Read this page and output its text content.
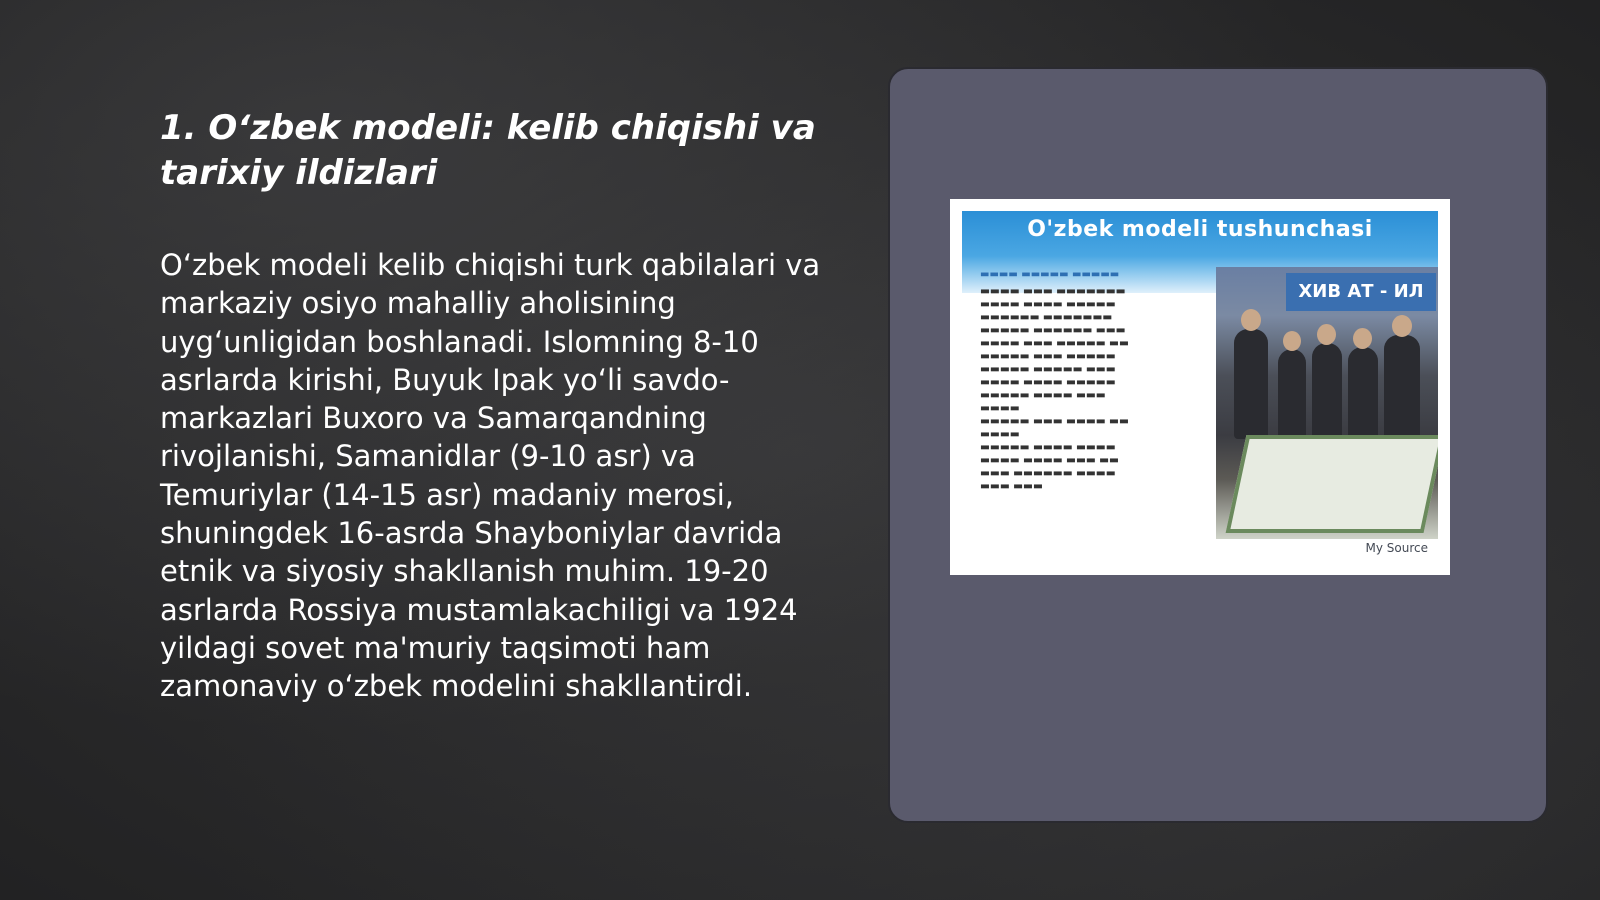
1. O‘zbek modeli: kelib chiqishi va tarixiy ildizlari

O‘zbek modeli kelib chiqishi turk qabilalari va markaziy osiyo mahalliy aholisining uyg‘unligidan boshlanadi. Islomning 8-10 asrlarda kirishi, Buyuk Ipak yo‘li savdo-markazlari Buxoro va Samarqandning rivojlanishi, Samanidlar (9-10 asr) va Temuriylar (14-15 asr) madaniy merosi, shuningdek 16-asrda Shayboniylar davrida etnik va siyosiy shakllanish muhim. 19-20 asrlarda Rossiya mustamlakachiligi va 1924 yildagi sovet ma'muriy taqsimoti ham zamonaviy o‘zbek modelini shakllantirdi.

O'zbek modeli tushunchasi
▬▬▬▬ ▬▬▬▬▬ ▬▬▬▬▬
▬▬▬▬ ▬▬▬ ▬▬▬▬▬▬▬
▬▬▬▬ ▬▬▬▬ ▬▬▬▬▬
▬▬▬▬▬▬ ▬▬▬▬▬▬▬
▬▬▬▬▬ ▬▬▬▬▬▬ ▬▬▬
▬▬▬▬ ▬▬▬ ▬▬▬▬▬ ▬▬
▬▬▬▬▬ ▬▬▬ ▬▬▬▬▬
▬▬▬▬▬ ▬▬▬▬▬ ▬▬▬
▬▬▬▬ ▬▬▬▬ ▬▬▬▬▬
▬▬▬▬▬ ▬▬▬▬ ▬▬▬
▬▬▬▬
▬▬▬▬▬ ▬▬▬ ▬▬▬▬ ▬▬
▬▬▬▬
▬▬▬▬▬ ▬▬▬▬ ▬▬▬▬
▬▬▬▬ ▬▬▬▬ ▬▬▬ ▬▬
▬▬▬ ▬▬▬▬▬▬ ▬▬▬▬
▬▬▬ ▬▬▬
ХИВ АТ - ИЛ
My Source
